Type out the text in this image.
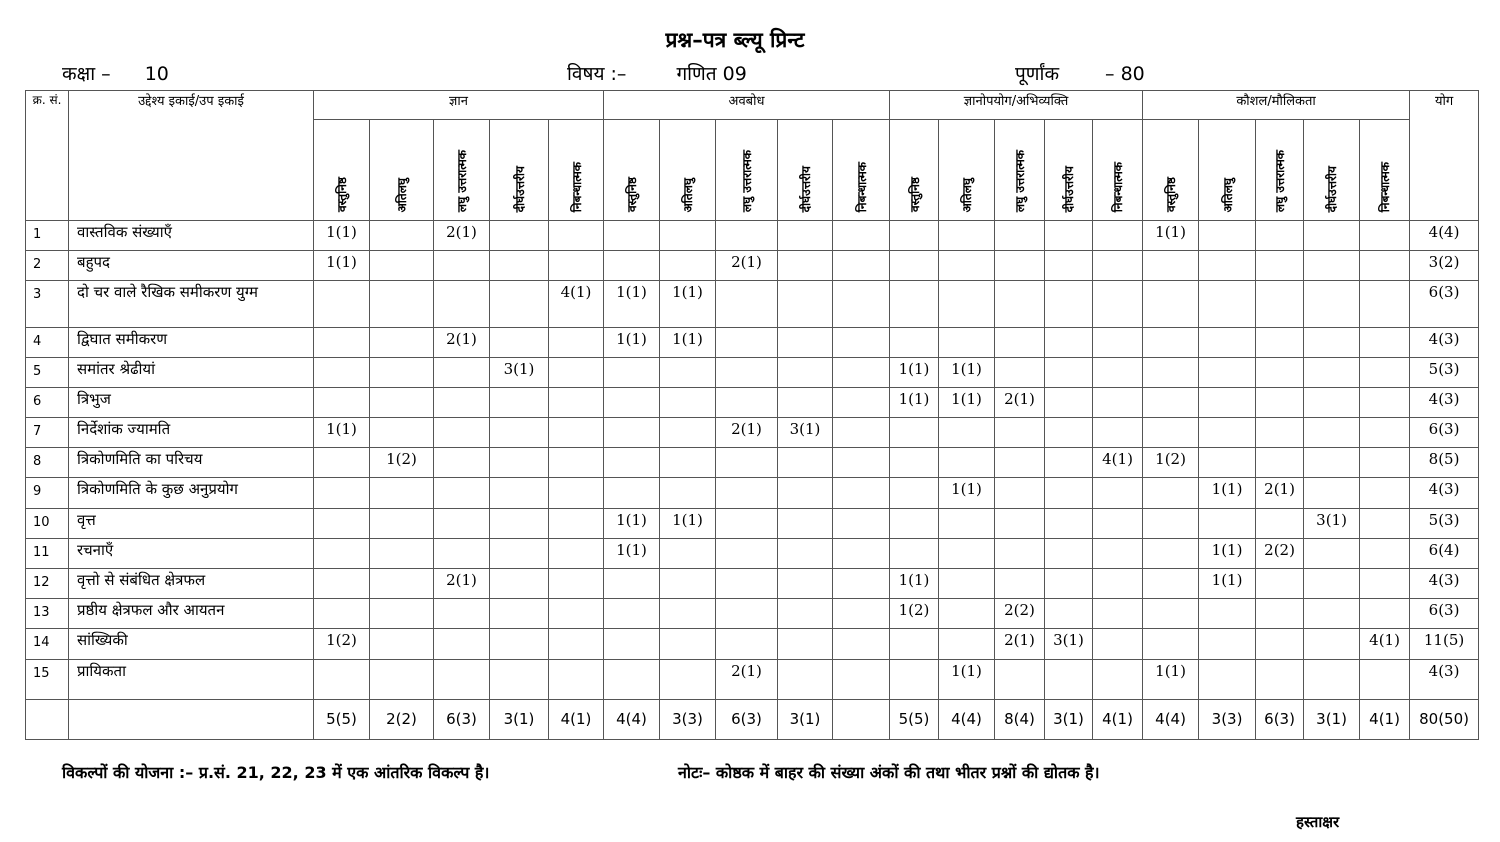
प्रश्न–पत्र ब्ल्यू प्रिन्ट
कक्षा – 10	विषय :–	गणित 09	पूर्णांक – 80
क्र. सं.	उद्देश्य इकाई/उप इकाई	ज्ञान					अवबोध					ज्ञानोपयोग/अभिव्यक्ति					कौशल/मौलिकता					योग
		वस्तुनिष्ठ	अतिलघु	लघु उत्तरात्मक	दीर्घउत्तरीय	निबन्धात्मक	वस्तुनिष्ठ	अतिलघु	लघु उत्तरात्मक	दीर्घउत्तरीय	निबन्धात्मक	वस्तुनिष्ठ	अतिलघु	लघु उत्तरात्मक	दीर्घउत्तरीय	निबन्धात्मक	वस्तुनिष्ठ	अतिलघु	लघु उत्तरात्मक	दीर्घउत्तरीय	निबन्धात्मक	
1	वास्तविक संख्याएँ	1(1)		2(1)													1(1)					4(4)
2	बहुपद	1(1)							2(1)													3(2)
3	दो चर वाले रैखिक समीकरण युग्म					4(1)	1(1)	1(1)														6(3)
4	द्विघात समीकरण			2(1)			1(1)	1(1)														4(3)
5	समांतर श्रेढीयां				3(1)							1(1)	1(1)									5(3)
6	त्रिभुज											1(1)	1(1)	2(1)								4(3)
7	निर्देशांक ज्यामति	1(1)							2(1)	3(1)												6(3)
8	त्रिकोणमिति का परिचय		1(2)													4(1)	1(2)					8(5)
9	त्रिकोणमिति के कुछ अनुप्रयोग												1(1)					1(1)	2(1)			4(3)
10	वृत्त						1(1)	1(1)												3(1)		5(3)
11	रचनाएँ						1(1)											1(1)	2(2)			6(4)
12	वृत्तो से संबंधित क्षेत्रफल			2(1)								1(1)						1(1)				4(3)
13	प्रष्ठीय क्षेत्रफल और आयतन											1(2)		2(2)								6(3)
14	सांख्यिकी	1(2)												2(1)	3(1)						4(1)	11(5)
15	प्रायिकता								2(1)				1(1)				1(1)					4(3)
		5(5)	2(2)	6(3)	3(1)	4(1)	4(4)	3(3)	6(3)	3(1)		5(5)	4(4)	8(4)	3(1)	4(1)	4(4)	3(3)	6(3)	3(1)	4(1)	80(50)
विकल्पों की योजना :– प्र.सं. 21, 22, 23 में एक आंतरिक विकल्प है।	नोटः– कोष्ठक में बाहर की संख्या अंकों की तथा भीतर प्रश्नों की द्योतक है।
हस्ताक्षर
